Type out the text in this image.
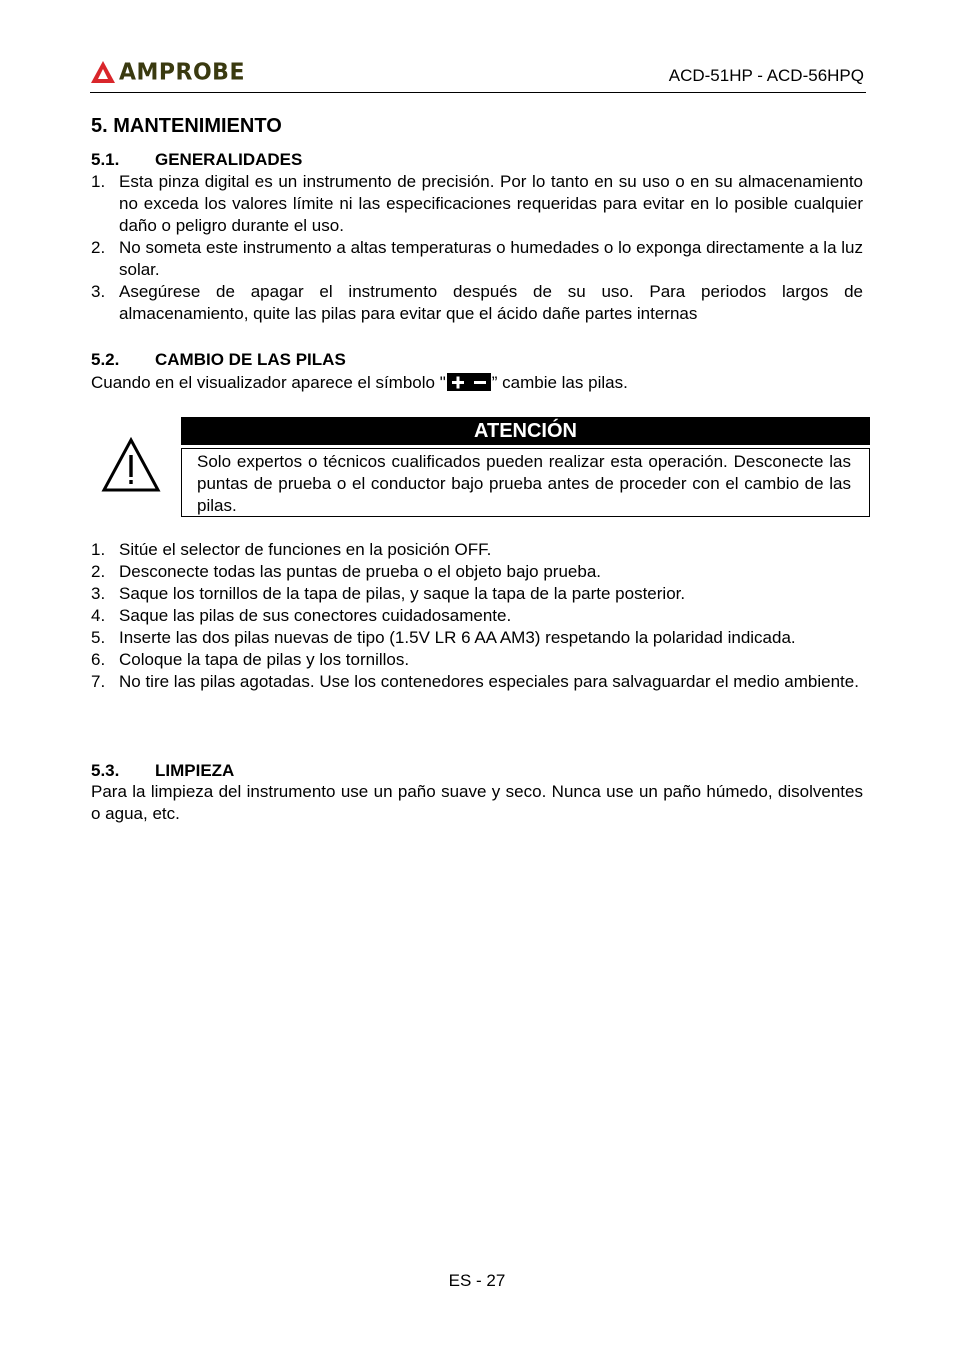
AMPROBE	ACD-51HP - ACD-56HPQ
5. MANTENIMIENTO
5.1. GENERALIDADES
1. Esta pinza digital es un instrumento de precisión. Por lo tanto en su uso o en su almacenamiento no exceda los valores límite ni las especificaciones requeridas para evitar en lo posible cualquier daño o peligro durante el uso.
2. No someta este instrumento a altas temperaturas o humedades o lo exponga directamente a la luz solar.
3. Asegúrese de apagar el instrumento después de su uso. Para periodos largos de almacenamiento, quite las pilas para evitar que el ácido dañe partes internas
5.2. CAMBIO DE LAS PILAS

Cuando en el visualizador aparece el símbolo "	” cambie las pilas.

ATENCIÓN

Solo expertos o técnicos cualificados pueden realizar esta operación. Desconecte las puntas de prueba o el conductor bajo prueba antes de proceder con el cambio de las pilas.

1. Sitúe el selector de funciones en la posición OFF.
2. Desconecte todas las puntas de prueba o el objeto bajo prueba.
3. Saque los tornillos de la tapa de pilas, y saque la tapa de la parte posterior.
4. Saque las pilas de sus conectores cuidadosamente.
5. Inserte las dos pilas nuevas de tipo (1.5V LR 6 AA AM3) respetando la polaridad indicada.
6. Coloque la tapa de pilas y los tornillos.
7. No tire las pilas agotadas. Use los contenedores especiales para salvaguardar el medio ambiente.
5.3. LIMPIEZA

Para la limpieza del instrumento use un paño suave y seco. Nunca use un paño húmedo, disolventes o agua, etc.

ES - 27
